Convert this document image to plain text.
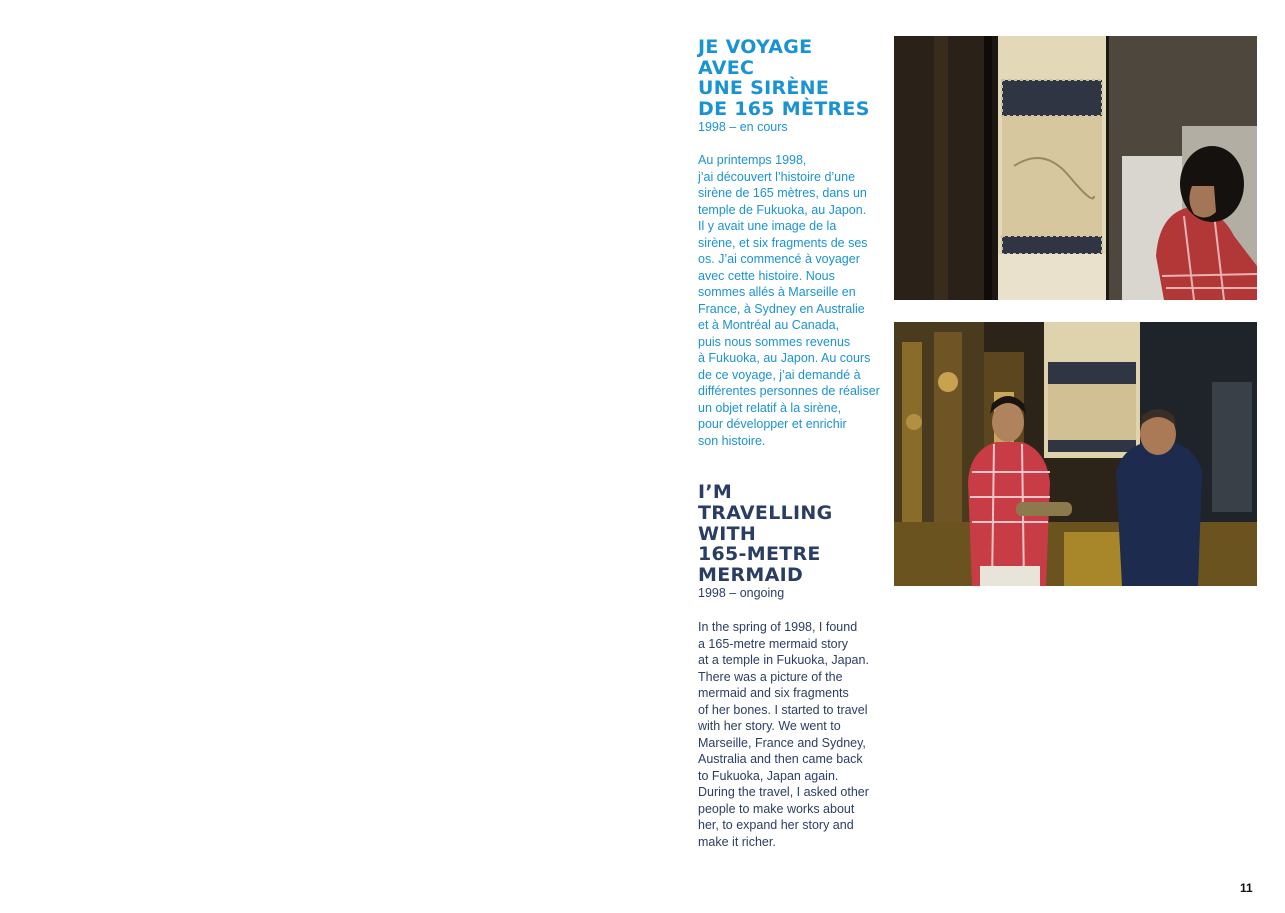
JE VOYAGE
AVEC
UNE SIRÈNE
DE 165 MÈTRES
1998 – en cours
Au printemps 1998,
j’ai découvert l’histoire d’une
sirène de 165 mètres, dans un
temple de Fukuoka, au Japon.
Il y avait une image de la
sirène, et six fragments de ses
os. J’ai commencé à voyager
avec cette histoire. Nous
sommes allés à Marseille en
France, à Sydney en Australie
et à Montréal au Canada,
puis nous sommes revenus
à Fukuoka, au Japon. Au cours
de ce voyage, j’ai demandé à
différentes personnes de réaliser
un objet relatif à la sirène,
pour développer et enrichir
son histoire.
I’M
TRAVELLING
WITH
165-METRE
MERMAID
1998 – ongoing
In the spring of 1998, I found
a 165-metre mermaid story
at a temple in Fukuoka, Japan.
There was a picture of the
mermaid and six fragments
of her bones. I started to travel
with her story. We went to
Marseille, France and Sydney,
Australia and then came back
to Fukuoka, Japan again.
During the travel, I asked other
people to make works about
her, to expand her story and
make it richer.
11
